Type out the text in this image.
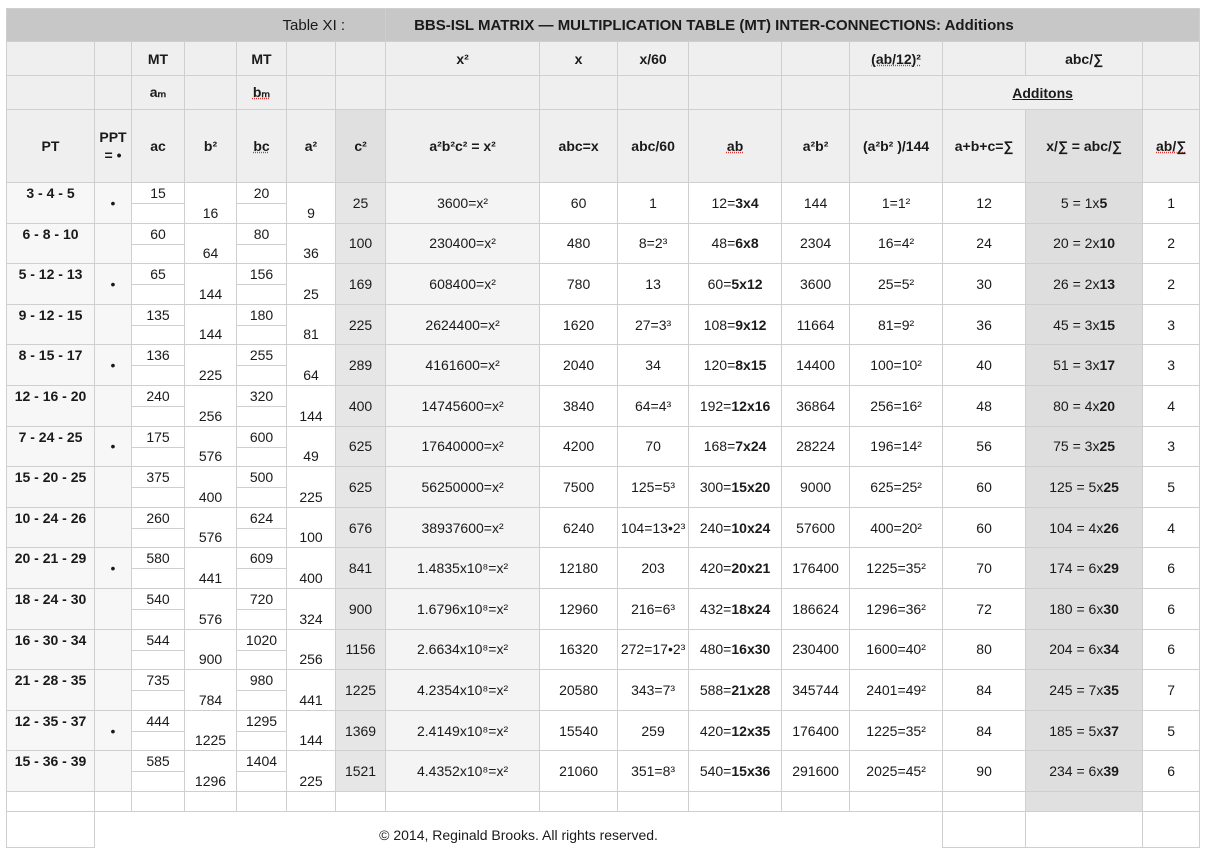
Table XI :							BBS-ISL MATRIX — MULTIPLICATION TABLE (MT) INTER-CONNECTIONS: Additions								
		MT		MT			x²	x	x/60			(ab/12)²		abc/∑	
		aₘ		bₘ									Additons		
PT	PPT = •	ac	b²	bc	a²	c²	a²b²c² = x²	abc=x	abc/60	ab	a²b²	(a²b² )/144	a+b+c=∑	x/∑ = abc/∑	ab/∑
3 - 4 - 5	•	15	16	20	9	25	3600=x²	60	1	12=3x4	144	1=1²	12	5 = 1x5	1
6 - 8 - 10		60	64	80	36	100	230400=x²	480	8=2³	48=6x8	2304	16=4²	24	20 = 2x10	2
5 - 12 - 13	•	65	144	156	25	169	608400=x²	780	13	60=5x12	3600	25=5²	30	26 = 2x13	2
9 - 12 - 15		135	144	180	81	225	2624400=x²	1620	27=3³	108=9x12	11664	81=9²	36	45 = 3x15	3
8 - 15 - 17	•	136	225	255	64	289	4161600=x²	2040	34	120=8x15	14400	100=10²	40	51 = 3x17	3
12 - 16 - 20		240	256	320	144	400	14745600=x²	3840	64=4³	192=12x16	36864	256=16²	48	80 = 4x20	4
7 - 24 - 25	•	175	576	600	49	625	17640000=x²	4200	70	168=7x24	28224	196=14²	56	75 = 3x25	3
15 - 20 - 25		375	400	500	225	625	56250000=x²	7500	125=5³	300=15x20	9000	625=25²	60	125 = 5x25	5
10 - 24 - 26		260	576	624	100	676	38937600=x²	6240	104=13•2³	240=10x24	57600	400=20²	60	104 = 4x26	4
20 - 21 - 29	•	580	441	609	400	841	1.4835x10⁸=x²	12180	203	420=20x21	176400	1225=35²	70	174 = 6x29	6
18 - 24 - 30		540	576	720	324	900	1.6796x10⁸=x²	12960	216=6³	432=18x24	186624	1296=36²	72	180 = 6x30	6
16 - 30 - 34		544	900	1020	256	1156	2.6634x10⁸=x²	16320	272=17•2³	480=16x30	230400	1600=40²	80	204 = 6x34	6
21 - 28 - 35		735	784	980	441	1225	4.2354x10⁸=x²	20580	343=7³	588=21x28	345744	2401=49²	84	245 = 7x35	7
12 - 35 - 37	•	444	1225	1295	144	1369	2.4149x10⁸=x²	15540	259	420=12x35	176400	1225=35²	84	185 = 5x37	5
15 - 36 - 39		585	1296	1404	225	1521	4.4352x10⁸=x²	21060	351=8³	540=15x36	291600	2025=45²	90	234 = 6x39	6

	© 2014, Reginald Brooks. All rights reserved.														
